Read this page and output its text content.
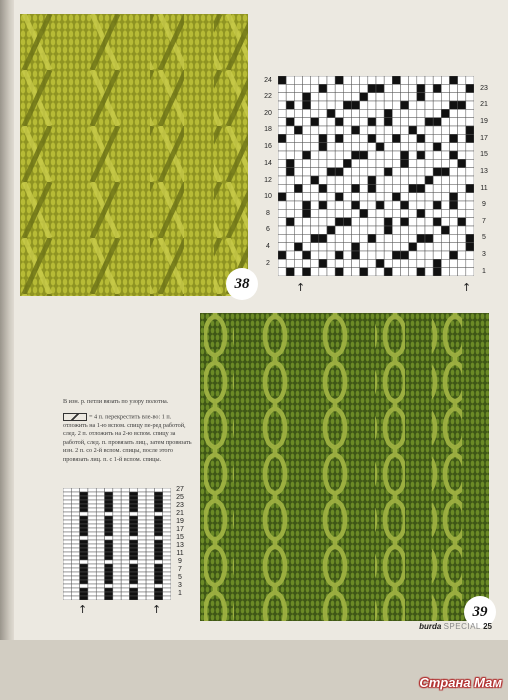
38
24
22
20
18
16
14
12
10
8
6
4
2
23
21
19
17
15
13
11
9
7
5
3
1
↑	↑

В изн. р. петли вязать по узору полотна.

= 4 п. перекрестить вле-во: 1 п. отложить на 1-ю вспом. спицу пе-ред работой, след. 2 п. отложить на 2-ю вспом. спицу за работой, след. п. провязать лиц., затем провязать изн. 2 п. со 2-й вспом. спицы, после этого провязать лиц. п. с 1-й вспом. спицы.

27
25
23
21
19
17
15
13
11
9
7
5
3
1
↑	↑	39
burda SPECIAL 25
Страна Мам
